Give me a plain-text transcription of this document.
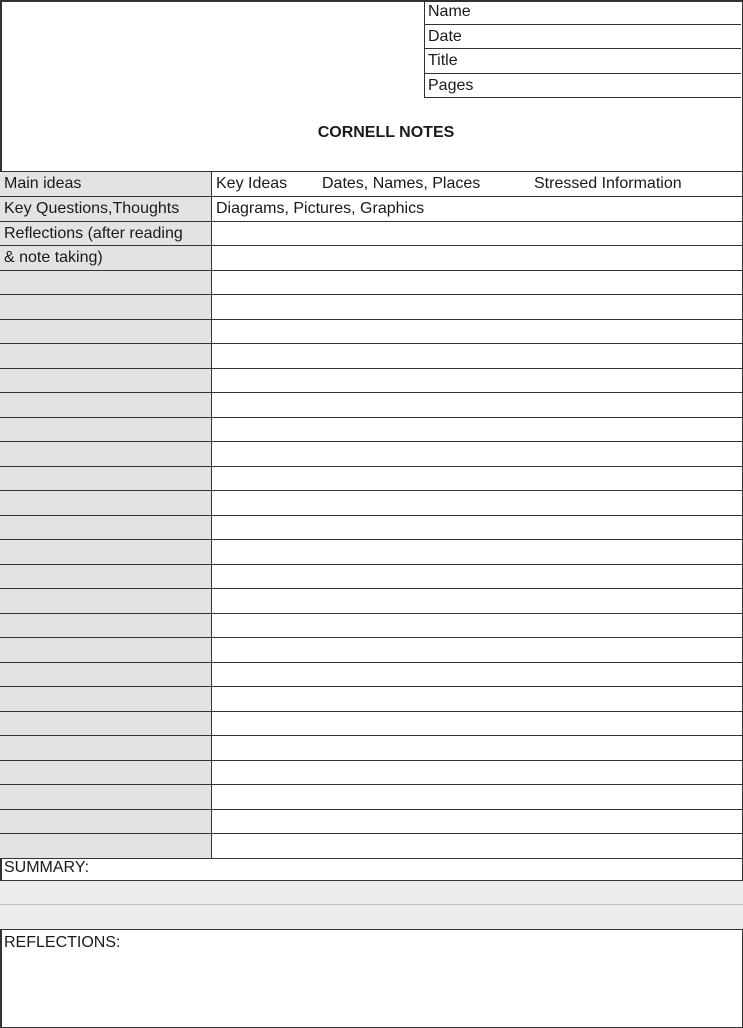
Name
Date
Title
Pages
CORNELL NOTES
Main ideas	Key Ideas Dates, Names, Places	Stressed Information
Key Questions,Thoughts	Diagrams, Pictures, Graphics
Reflections (after reading
& note taking)
SUMMARY:
REFLECTIONS:
